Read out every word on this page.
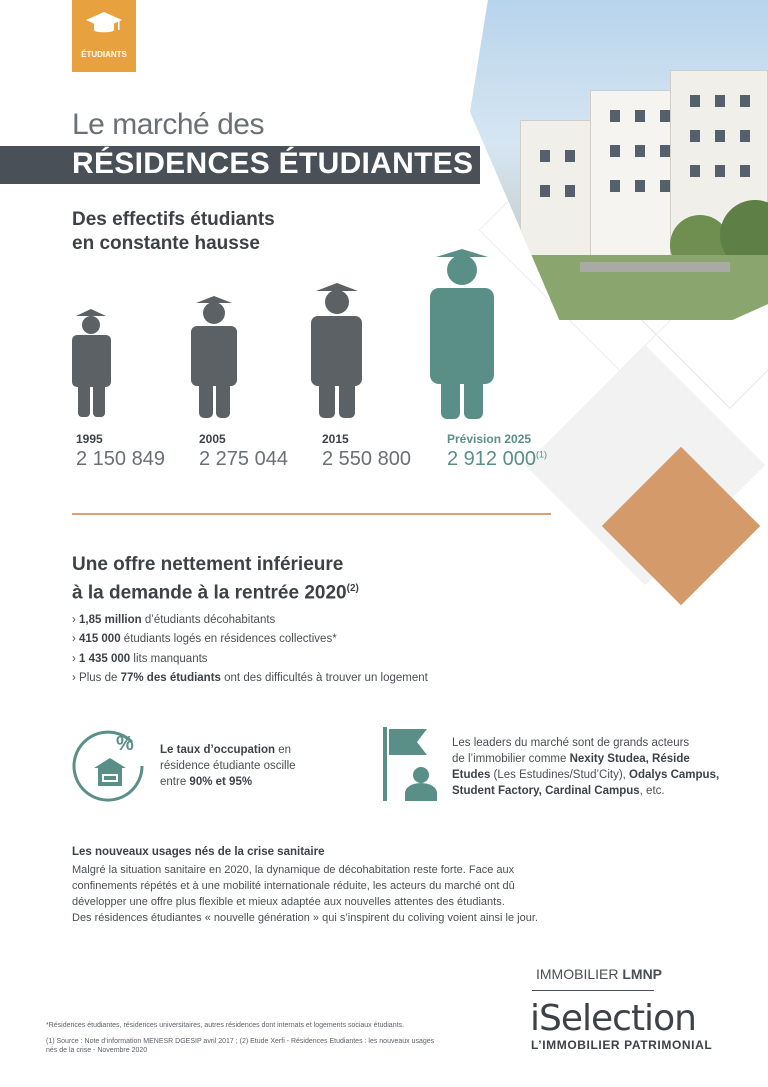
ÉTUDIANTS
Le marché des
RÉSIDENCES ÉTUDIANTES
Des effectifs étudiants
en constante hausse
1995
2 150 849
2005
2 275 044
2015
2 550 800
Prévision 2025
2 912 000$^{(1)}$
Une offre nettement inférieure
à la demande à la rentrée 2020$^{(2)}$
› 1,85 million d’étudiants décohabitants
› 415 000 étudiants logés en résidences collectives*
› 1 435 000 lits manquants
› Plus de 77% des étudiants ont des difficultés à trouver un logement
% Le taux d’occupation en
résidence étudiante oscille
entre 90% et 95%
Les leaders du marché sont de grands acteurs
de l’immobilier comme Nexity Studea, Réside
Etudes (Les Estudines/Stud’City), Odalys Campus,
Student Factory, Cardinal Campus, etc.
Les nouveaux usages nés de la crise sanitaire
Malgré la situation sanitaire en 2020, la dynamique de décohabitation reste forte. Face aux
confinements répétés et à une mobilité internationale réduite, les acteurs du marché ont dû
développer une offre plus flexible et mieux adaptée aux nouvelles attentes des étudiants.
Des résidences étudiantes « nouvelle génération » qui s’inspirent du coliving voient ainsi le jour.
*Résidences étudiantes, résidences universitaires, autres résidences dont internats et logements sociaux étudiants.
(1) Source : Note d’information MENESR DGESIP avril 2017 ; (2) Etude Xerfi - Résidences Etudiantes : les nouveaux usages
nés de la crise - Novembre 2020
IMMOBILIER LMNP
iSelection
L’IMMOBILIER PATRIMONIAL
